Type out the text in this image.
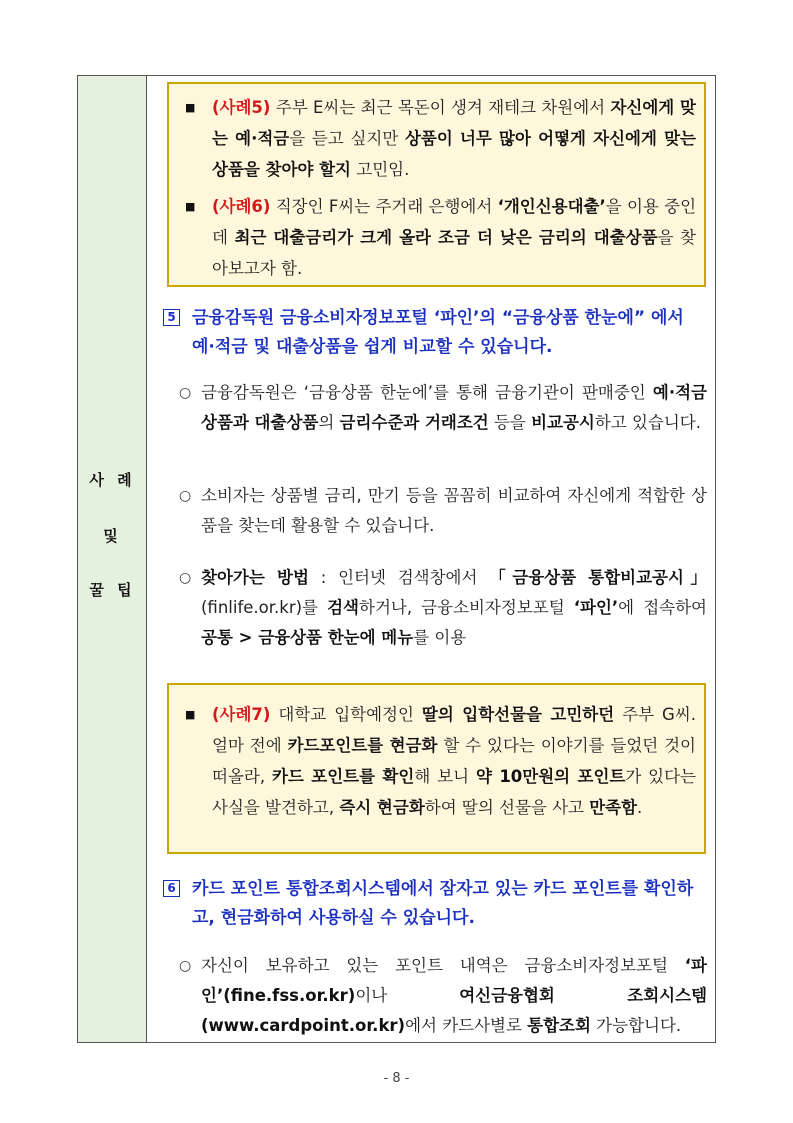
사 례
및
꿀 팁
■ (사례5) 주부 E씨는 최근 목돈이 생겨 재테크 차원에서 자신에게 맞는 예·적금을 듣고 싶지만 상품이 너무 많아 어떻게 자신에게 맞는 상품을 찾아야 할지 고민임.
■ (사례6) 직장인 F씨는 주거래 은행에서 ‘개인신용대출’을 이용 중인데 최근 대출금리가 크게 올라 조금 더 낮은 금리의 대출상품을 찾아보고자 함.
5 금융감독원 금융소비자정보포털 ‘파인’의 “금융상품 한눈에” 에서 예·적금 및 대출상품을 쉽게 비교할 수 있습니다.
○ 금융감독원은 ‘금융상품 한눈에’를 통해 금융기관이 판매중인 예·적금 상품과 대출상품의 금리수준과 거래조건 등을 비교공시하고 있습니다.
○ 소비자는 상품별 금리, 만기 등을 꼼꼼히 비교하여 자신에게 적합한 상품을 찾는데 활용할 수 있습니다.
○ 찾아가는 방법 : 인터넷 검색창에서 「금융상품 통합비교공시」(finlife.or.kr)를 검색하거나, 금융소비자정보포털 ‘파인’에 접속하여 공통 > 금융상품 한눈에 메뉴를 이용
■ (사례7) 대학교 입학예정인 딸의 입학선물을 고민하던 주부 G씨. 얼마 전에 카드포인트를 현금화 할 수 있다는 이야기를 들었던 것이 떠올라, 카드 포인트를 확인해 보니 약 10만원의 포인트가 있다는 사실을 발견하고, 즉시 현금화하여 딸의 선물을 사고 만족함.
6 카드 포인트 통합조회시스템에서 잠자고 있는 카드 포인트를 확인하고, 현금화하여 사용하실 수 있습니다.
○ 자신이 보유하고 있는 포인트 내역은 금융소비자정보포털 ‘파인’(fine.fss.or.kr)이나 여신금융협회 조회시스템 (www.cardpoint.or.kr)에서 카드사별로 통합조회 가능합니다.
- 8 -
